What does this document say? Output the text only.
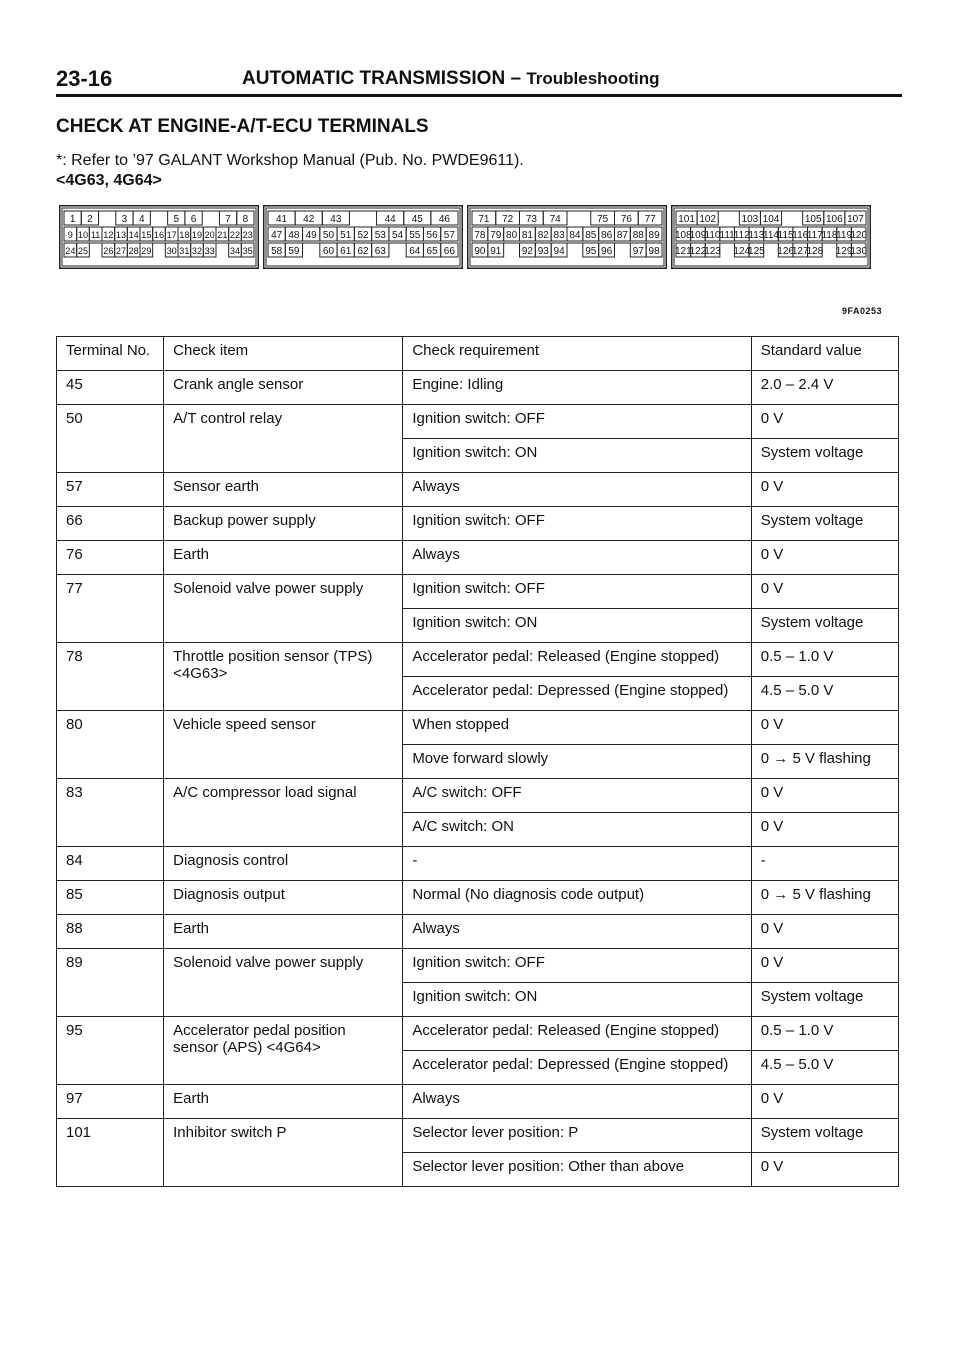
23-16	AUTOMATIC TRANSMISSION – Troubleshooting
CHECK AT ENGINE-A/T-ECU TERMINALS
*: Refer to ’97 GALANT Workshop Manual (Pub. No. PWDE9611).
<4G63, 4G64>
1 2	3 4	5 6	7 8
9 10 11 12 13 14 15 16 17 18 19 20 21 22 23
24 25 26 27 28 29 30 31 32 33 34 35
41 42 43	44 45 46
47 48 49 50 51 52 53 54 55 56 57
58 59 60 61 62 63 64 65 66
71 72 73 74	75 76 77
78 79 80 81 82 83 84 85 86 87 88 89
90 91 92 93 94 95 96 97 98
101 102	103 104	105 106 107
108
109
110 111 112
113
114
115
116
117
118
119
120
121
122
123 124
125 126
127
128 129
130
9FA0253
Terminal No.	Check item	Check requirement	Standard value
45	Crank angle sensor	Engine: Idling	2.0 – 2.4 V
50	A/T control relay	Ignition switch: OFF	0 V
		Ignition switch: ON	System voltage
57	Sensor earth	Always	0 V
66	Backup power supply	Ignition switch: OFF	System voltage
76	Earth	Always	0 V
77	Solenoid valve power supply	Ignition switch: OFF	0 V
		Ignition switch: ON	System voltage
78	Throttle position sensor (TPS) <4G63>	Accelerator pedal: Released (Engine stopped)	0.5 – 1.0 V
		Accelerator pedal: Depressed (Engine stopped)	4.5 – 5.0 V
80	Vehicle speed sensor	When stopped	0 V
		Move forward slowly	0 → 5 V flashing
83	A/C compressor load signal	A/C switch: OFF	0 V
		A/C switch: ON	0 V
84	Diagnosis control	-	-
85	Diagnosis output	Normal (No diagnosis code output)	0 → 5 V flashing
88	Earth	Always	0 V
89	Solenoid valve power supply	Ignition switch: OFF	0 V
		Ignition switch: ON	System voltage
95	Accelerator pedal position sensor (APS) <4G64>	Accelerator pedal: Released (Engine stopped)	0.5 – 1.0 V
		Accelerator pedal: Depressed (Engine stopped)	4.5 – 5.0 V
97	Earth	Always	0 V
101	Inhibitor switch P	Selector lever position: P	System voltage
		Selector lever position: Other than above	0 V
